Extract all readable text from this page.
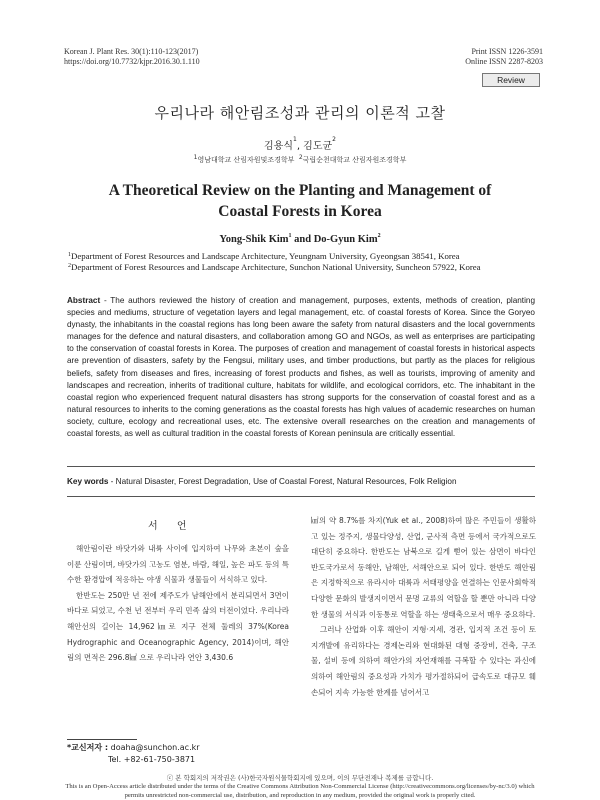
Korean J. Plant Res. 30(1):110-123(2017)
https://doi.org/10.7732/kjpr.2016.30.1.110
Print ISSN 1226-3591
Online ISSN 2287-8203
Review
우리나라 해안림조성과 관리의 이론적 고찰
김용식$^1$, 김도균$^2$
$^1$영남대학교 산림자원및조경학부 $^2$국립순천대학교 산림자원조경학부
A Theoretical Review on the Planting and Management of
Coastal Forests in Korea
Yong-Shik Kim$^1$ and Do-Gyun Kim$^2$
$^1$Department of Forest Resources and Landscape Architecture, Yeungnam University, Gyeongsan 38541, Korea
$^2$Department of Forest Resources and Landscape Architecture, Sunchon National University, Suncheon 57922, Korea
Abstract - The authors reviewed the history of creation and management, purposes, extents, methods of creation, planting species and mediums, structure of vegetation layers and legal management, etc. of coastal forests of Korea. Since the Goryeo dynasty, the inhabitants in the coastal regions has long been aware the safety from natural disasters and the local governments manages for the defence and natural disasters, and collaboration among GO and NGOs, as well as enterprises are participating to the conservation of coastal forests in Korea. The purposes of creation and management of coastal forests in historical aspects are prevention of disasters, safety by the Fengsui, military uses, and timber productions, but partly as the places for religious beliefs, safety from diseases and fires, increasing of forest products and fishes, as well as tourists, improving of amenity and landscapes and recreation, inherits of traditional culture, habitats for wildlife, and ecological corridors, etc. The inhabitant in the coastal region who experienced frequent natural disasters has strong supports for the conservation of coastal forest and as a natural resources to inherits to the coming generations as the coastal forests has high values of academic researches on human society, culture, ecology and recreational uses, etc. The extensive overall researches on the creation and managements of coastal forests, as well as cultural tradition in the coastal forests of Korean peninsula are critically essential.
Key words - Natural Disaster, Forest Degradation, Use of Coastal Forest, Natural Resources, Folk Religion
서 언

해안림이란 바닷가와 내륙 사이에 입지하여 나무와 초본이 숲을 이룬 산림이며, 바닷가의 고농도 염분, 바람, 해일, 높은 파도 등의 특수한 환경압에 적응하는 야생 식물과 생물들이 서식하고 있다.

한반도는 250만 년 전에 제주도가 남해안에서 분리되면서 3면이 바다로 되었고, 수천 년 전부터 우리 민족 삶의 터전이었다. 우리나라 해안선의 길이는 14,962㎞로 지구 전체 둘레의 37%(Korea Hydrographic and Oceanographic Agency, 2014)이며, 해안림의 면적은 296.8㎢ 으로 우리나라 연안 3,430.6

㎢의 약 8.7%를 차지(Yuk et al., 2008)하여 많은 주민들이 생활하고 있는 정주지, 생물다양성, 산업, 군사적 측면 등에서 국가적으로도 대단히 중요하다. 한반도는 남북으로 길게 뻗어 있는 삼면이 바다인 반도국가로서 동해안, 남해안, 서해안으로 되어 있다. 한반도 해안림은 지정학적으로 유라시아 대륙과 서태평양을 연결하는 인문사회학적 다양한 문화의 발생지이면서 문명 교류의 역할을 할 뿐만 아니라 다양한 생물의 서식과 이동통로 역할을 하는 생태축으로서 매우 중요하다.

그러나 산업화 이후 해안이 지형·지세, 경관, 입지적 조건 등이 토지개발에 유리하다는 경제논리와 현대화된 대형 중장비, 건축, 구조물, 설비 등에 의하여 해안가의 자연재해를 극복할 수 있다는 과신에 의하여 해안림의 중요성과 가치가 평가절하되어 급속도로 대규모 훼손되어 지속 가능한 한계를 넘어서고

*교신저자 : doaha@sunchon.ac.kr
Tel. +82-61-750-3871
ⓒ 본 학회지의 저작권은 (사)한국자원식물학회지에 있으며, 이의 무단전재나 복제를 금합니다.
This is an Open-Access article distributed under the terms of the Creative Commons Attribution Non-Commercial License (http://creativecommons.org/licenses/by-nc/3.0) which permits unrestricted non-commercial use, distribution, and reproduction in any medium, provided the original work is properly cited.
